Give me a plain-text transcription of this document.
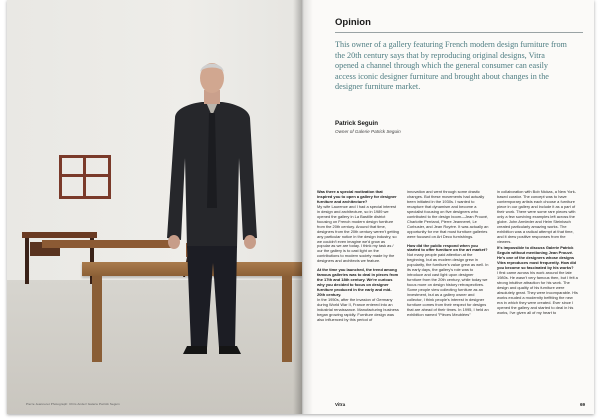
Pierre Jeanneret Photograph: Chris Ander/ Galerie Patrick Seguin
Opinion
This owner of a gallery featuring French modern design furniture from the 20th century says that by reproducing original designs, Vitra opened a channel through which the general consumer can easily access iconic designer furniture and brought about changes in the designer furniture market.
Patrick Seguin
Owner of Galerie Patrick Seguin

Was there a special motivation that inspired you to open a gallery for designer furniture and architecture?

My wife Laurence and I had a special interest in design and architecture, so in 1989 we opened the gallery in La Bastille district focusing on French modern design furniture from the 20th century. Around that time, designers from the 20th century weren't getting any particular notice in the design industry, so we couldn't even imagine we'd grow as popular as we are today. I think my task as / our the gallery is to cast light on the contributions to modern society made by the designers and architects we feature.

At the time you launched, the trend among famous galleries was to deal in pieces from the 17th and 18th century. We're curious why you decided to focus on designer furniture produced in the early and mid-20th century.

In the 1950s, after the invasion of Germany during World War II, France entered into an industrial renaissance. Manufacturing business began growing rapidly. Furniture design was also influenced by this period of

innovation and went through some drastic changes. But these movements had actually been initiated in the 1930s. I wanted to recapture that dynamism and become a specialist focusing on five designers who contributed to the design boom—Jean Prouvé, Charlotte Perriand, Pierre Jeanneret, Le Corbusier, and Jean Royère. It was actually an opportunity for me that most furniture galleries were focused on Art Deco furnishings.

How did the public respond when you started to offer furniture on the art market?

Not many people paid attention at the beginning, but as modern design grew in popularity, the furniture's value grew as well. In its early days, the gallery's role was to introduce and cast light upon designer furniture from the 20th century, while today we focus more on design history retrospectives. Some people view collecting furniture as an investment, but as a gallery owner and collector, I think people's interest in designer furniture comes from their respect for designs that are ahead of their times. In 1995, I held an exhibition named "Pièces Meublées"

in collaboration with Bob Nickas, a New York-based curator. The concept was to have contemporary artists each choose a furniture piece in our gallery and include it as a part of their work. There were some rare pieces with only a few surviving examples left across the globe. John Armleder and Heim Steinbach created particularly amazing works. The exhibition was a radical attempt at that time, and it drew positive responses from the viewers.

It's impossible to discuss Galerie Patrick Seguin without mentioning Jean Prouvé. He's one of the designers whose designs Vitra reproduces most frequently. How did you become so fascinated by his works?

I first came across his work around the late 1980s. He wasn't very famous then, but I felt a strong intuitive attraction for his work. The design and quality of his furniture were absolutely great. They were incomparable. His works exuded a modernity befitting the new era in which they were created. Ever since I opened the gallery and started to deal in his works, I've given all of my heart to

Vitra	69
